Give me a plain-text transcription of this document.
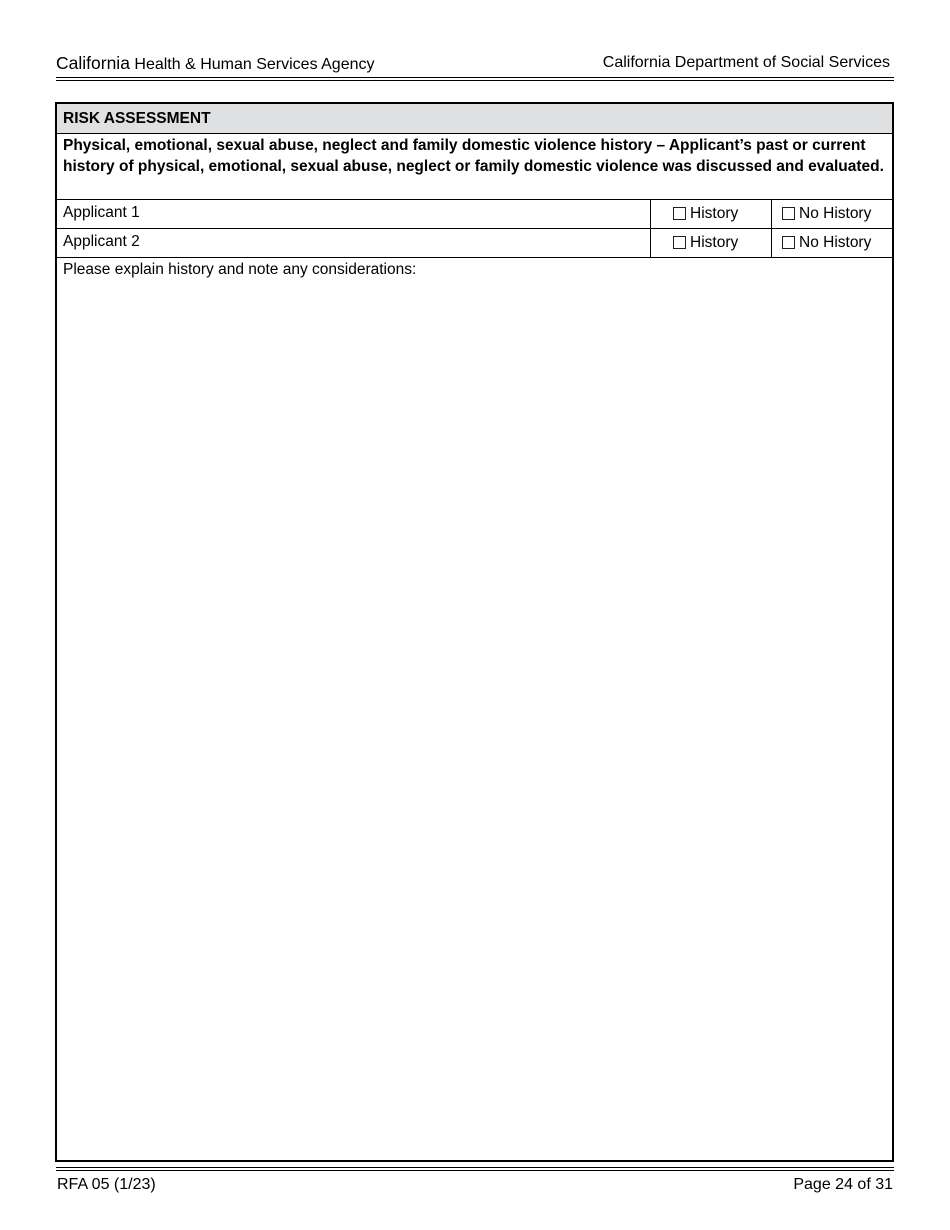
California Health & Human Services Agency	California Department of Social Services
RISK ASSESSMENT
Physical, emotional, sexual abuse, neglect and family domestic violence history – Applicant’s past or current history of physical, emotional, sexual abuse, neglect or family domestic violence was discussed and evaluated.
Applicant 1	History	No History
Applicant 2	History	No History
Please explain history and note any considerations:
RFA 05 (1/23)	Page 24 of 31
